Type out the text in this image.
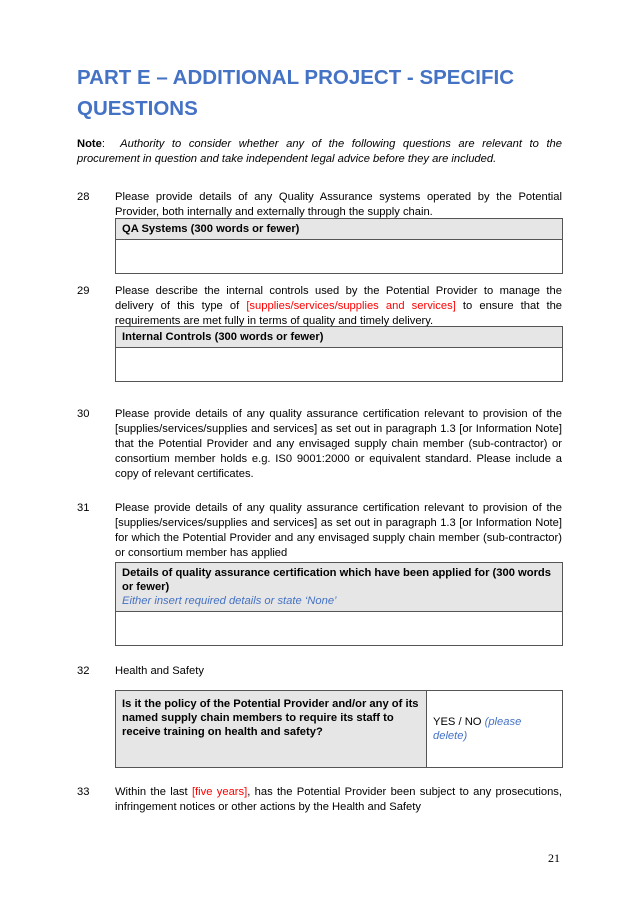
PART E – ADDITIONAL PROJECT - SPECIFIC QUESTIONS
Note: Authority to consider whether any of the following questions are relevant to the procurement in question and take independent legal advice before they are included.
28 Please provide details of any Quality Assurance systems operated by the Potential Provider, both internally and externally through the supply chain.
QA Systems (300 words or fewer)

29 Please describe the internal controls used by the Potential Provider to manage the delivery of this type of [supplies/services/supplies and services] to ensure that the requirements are met fully in terms of quality and timely delivery.
Internal Controls (300 words or fewer)

30 Please provide details of any quality assurance certification relevant to provision of the [supplies/services/supplies and services] as set out in paragraph 1.3 [or Information Note] that the Potential Provider and any envisaged supply chain member (sub-contractor) or consortium member holds e.g. IS0 9001:2000 or equivalent standard. Please include a copy of relevant certificates.
31 Please provide details of any quality assurance certification relevant to provision of the [supplies/services/supplies and services] as set out in paragraph 1.3 [or Information Note] for which the Potential Provider and any envisaged supply chain member (sub-contractor) or consortium member has applied
Details of quality assurance certification which have been applied for (300 words or fewer)
Either insert required details or state ‘None’

32 Health and Safety
Is it the policy of the Potential Provider and/or any of its named supply chain members to require its staff to receive training on health and safety?	YES / NO (please delete)
33 Within the last [five years], has the Potential Provider been subject to any prosecutions, infringement notices or other actions by the Health and Safety
21
